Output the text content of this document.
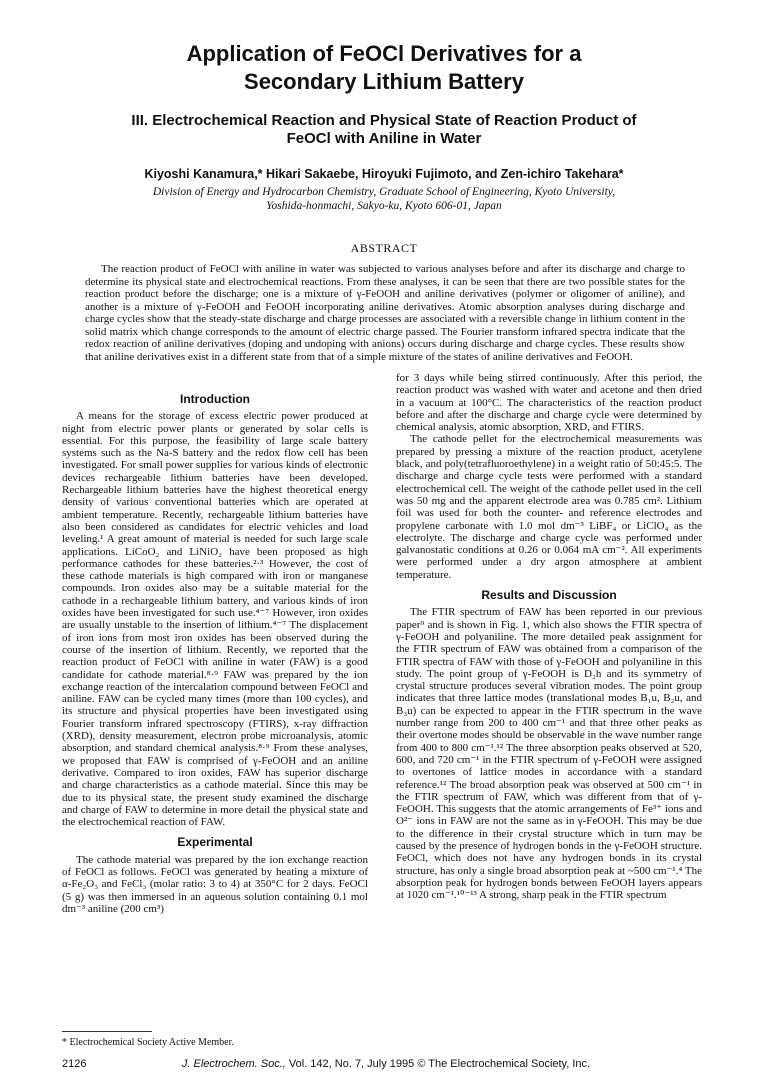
Application of FeOCl Derivatives for a
Secondary Lithium Battery
III. Electrochemical Reaction and Physical State of Reaction Product of
FeOCl with Aniline in Water
Kiyoshi Kanamura,* Hikari Sakaebe, Hiroyuki Fujimoto, and Zen-ichiro Takehara*
Division of Energy and Hydrocarbon Chemistry, Graduate School of Engineering, Kyoto University,
Yoshida-honmachi, Sakyo-ku, Kyoto 606-01, Japan
ABSTRACT

The reaction product of FeOCl with aniline in water was subjected to various analyses before and after its discharge and charge to determine its physical state and electrochemical reactions. From these analyses, it can be seen that there are two possible states for the reaction product before the discharge; one is a mixture of γ-FeOOH and aniline derivatives (polymer or oligomer of aniline), and another is a mixture of γ-FeOOH and FeOOH incorporating aniline derivatives. Atomic absorption analyses during discharge and charge cycles show that the steady-state discharge and charge processes are associated with a reversible change in lithium content in the solid matrix which change corresponds to the amount of electric charge passed. The Fourier transform infrared spectra indicate that the redox reaction of aniline derivatives (doping and undoping with anions) occurs during discharge and charge cycles. These results show that aniline derivatives exist in a different state from that of a simple mixture of the states of aniline derivatives and FeOOH.

Introduction

A means for the storage of excess electric power produced at night from electric power plants or generated by solar cells is essential. For this purpose, the feasibility of large scale battery systems such as the Na-S battery and the redox flow cell has been investigated. For small power supplies for various kinds of electronic devices rechargeable lithium batteries have been developed. Rechargeable lithium batteries have the highest theoretical energy density of various conventional batteries which are operated at ambient temperature. Recently, rechargeable lithium batteries have also been considered as candidates for electric vehicles and load leveling.¹ A great amount of material is needed for such large scale applications. LiCoO₂ and LiNiO₂ have been proposed as high performance cathodes for these batteries.²·³ However, the cost of these cathode materials is high compared with iron or manganese compounds. Iron oxides also may be a suitable material for the cathode in a rechargeable lithium battery, and various kinds of iron oxides have been investigated for such use.⁴⁻⁷ However, iron oxides are usually unstable to the insertion of lithium.⁴⁻⁷ The displacement of iron ions from most iron oxides has been observed during the course of the insertion of lithium. Recently, we reported that the reaction product of FeOCl with aniline in water (FAW) is a good candidate for cathode material.⁸·⁹ FAW was prepared by the ion exchange reaction of the intercalation compound between FeOCl and aniline. FAW can be cycled many times (more than 100 cycles), and its structure and physical properties have been investigated using Fourier transform infrared spectroscopy (FTIRS), x-ray diffraction (XRD), density measurement, electron probe microanalysis, atomic absorption, and standard chemical analysis.⁸·⁹ From these analyses, we proposed that FAW is comprised of γ-FeOOH and an aniline derivative. Compared to iron oxides, FAW has superior discharge and charge characteristics as a cathode material. Since this may be due to its physical state, the present study examined the discharge and charge of FAW to determine in more detail the physical state and the electrochemical reaction of FAW.

Experimental

The cathode material was prepared by the ion exchange reaction of FeOCl as follows. FeOCl was generated by heating a mixture of α-Fe₂O₃ and FeCl₃ (molar ratio: 3 to 4) at 350°C for 2 days. FeOCl (5 g) was then immersed in an aqueous solution containing 0.1 mol dm⁻³ aniline (200 cm³)

for 3 days while being stirred continuously. After this period, the reaction product was washed with water and acetone and then dried in a vacuum at 100°C. The characteristics of the reaction product before and after the discharge and charge cycle were determined by chemical analysis, atomic absorption, XRD, and FTIRS.

The cathode pellet for the electrochemical measurements was prepared by pressing a mixture of the reaction product, acetylene black, and poly(tetrafluoroethylene) in a weight ratio of 50:45:5. The discharge and charge cycle tests were performed with a standard electrochemical cell. The weight of the cathode pellet used in the cell was 50 mg and the apparent electrode area was 0.785 cm². Lithium foil was used for both the counter- and reference electrodes and propylene carbonate with 1.0 mol dm⁻³ LiBF₄ or LiClO₄ as the electrolyte. The discharge and charge cycle was performed under galvanostatic conditions at 0.26 or 0.064 mA cm⁻². All experiments were performed under a dry argon atmosphere at ambient temperature.

Results and Discussion

The FTIR spectrum of FAW has been reported in our previous paper⁹ and is shown in Fig. 1, which also shows the FTIR spectra of γ-FeOOH and polyaniline. The more detailed peak assignment for the FTIR spectrum of FAW was obtained from a comparison of the FTIR spectra of FAW with those of γ-FeOOH and polyaniline in this study. The point group of γ-FeOOH is D₂h and its symmetry of crystal structure produces several vibration modes. The point group indicates that three lattice modes (translational modes B₁u, B₂u, and B₃u) can be expected to appear in the FTIR spectrum in the wave number range from 200 to 400 cm⁻¹ and that three other peaks as their overtone modes should be observable in the wave number range from 400 to 800 cm⁻¹.¹² The three absorption peaks observed at 520, 600, and 720 cm⁻¹ in the FTIR spectrum of γ-FeOOH were assigned to overtones of lattice modes in accordance with a standard reference.¹² The broad absorption peak was observed at 500 cm⁻¹ in the FTIR spectrum of FAW, which was different from that of γ-FeOOH. This suggests that the atomic arrangements of Fe³⁺ ions and O²⁻ ions in FAW are not the same as in γ-FeOOH. This may be due to the difference in their crystal structure which in turn may be caused by the presence of hydrogen bonds in the γ-FeOOH structure. FeOCl, which does not have any hydrogen bonds in its crystal structure, has only a single broad absorption peak at ~500 cm⁻¹.⁴ The absorption peak for hydrogen bonds between FeOOH layers appears at 1020 cm⁻¹.¹⁰⁻¹³ A strong, sharp peak in the FTIR spectrum

* Electrochemical Society Active Member.
2126	J. Electrochem. Soc., Vol. 142, No. 7, July 1995 © The Electrochemical Society, Inc.
